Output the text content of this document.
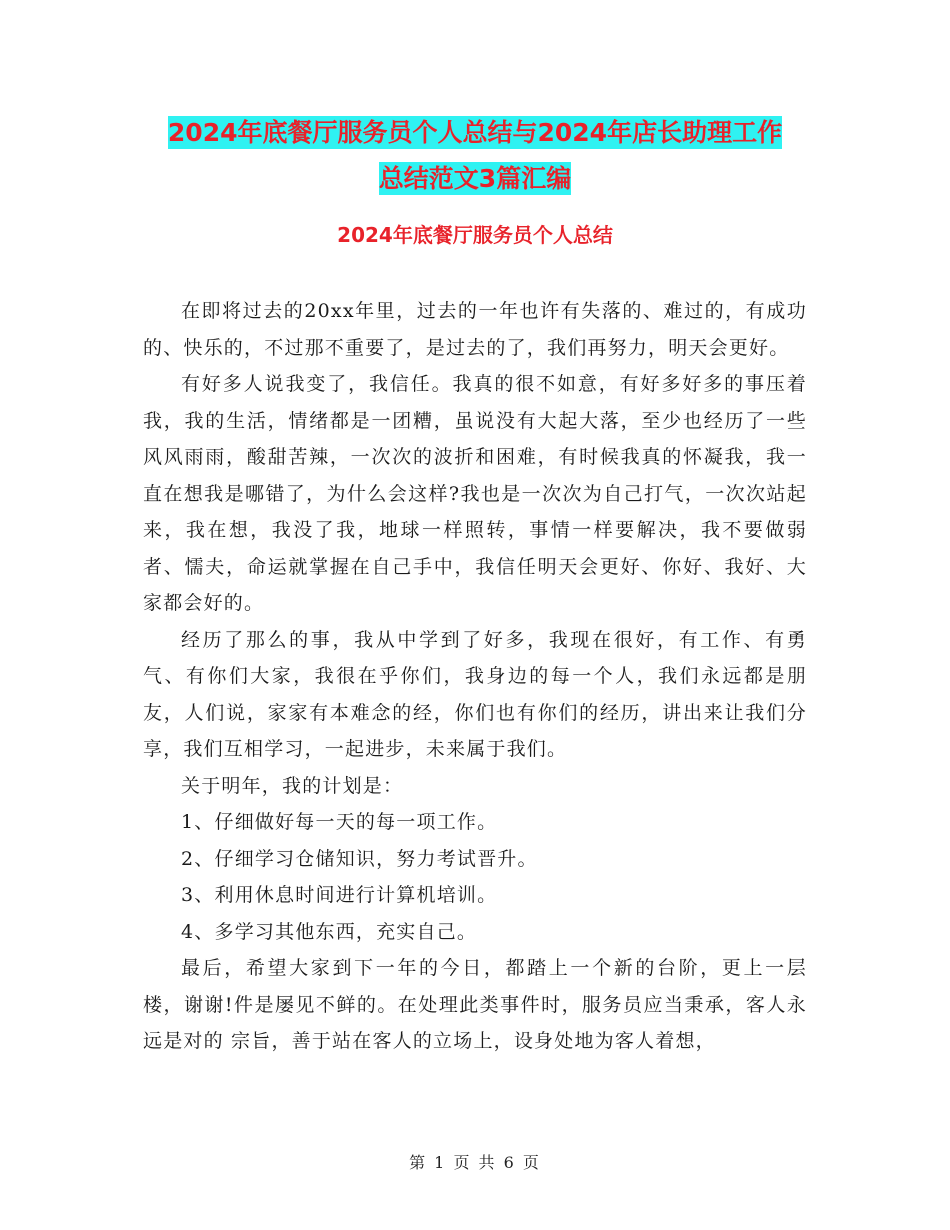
2024年底餐厅服务员个人总结与2024年店长助理工作
总结范文3篇汇编
2024年底餐厅服务员个人总结

在即将过去的20xx年里，过去的一年也许有失落的、难过的，有成功的、快乐的，不过那不重要了，是过去的了，我们再努力，明天会更好。

有好多人说我变了，我信任。我真的很不如意，有好多好多的事压着我，我的生活，情绪都是一团糟，虽说没有大起大落，至少也经历了一些风风雨雨，酸甜苦辣，一次次的波折和困难，有时候我真的怀凝我，我一直在想我是哪错了，为什么会这样?我也是一次次为自己打气，一次次站起来，我在想，我没了我，地球一样照转，事情一样要解决，我不要做弱者、懦夫，命运就掌握在自己手中，我信任明天会更好、你好、我好、大家都会好的。

经历了那么的事，我从中学到了好多，我现在很好，有工作、有勇气、有你们大家，我很在乎你们，我身边的每一个人，我们永远都是朋友，人们说，家家有本难念的经，你们也有你们的经历，讲出来让我们分享，我们互相学习，一起进步，未来属于我们。

关于明年，我的计划是：

1、仔细做好每一天的每一项工作。

2、仔细学习仓储知识，努力考试晋升。

3、利用休息时间进行计算机培训。

4、多学习其他东西，充实自己。

最后，希望大家到下一年的今日，都踏上一个新的台阶，更上一层楼，谢谢!件是屡见不鲜的。在处理此类事件时，服务员应当秉承，客人永远是对的 宗旨，善于站在客人的立场上，设身处地为客人着想，

第 1 页 共 6 页
